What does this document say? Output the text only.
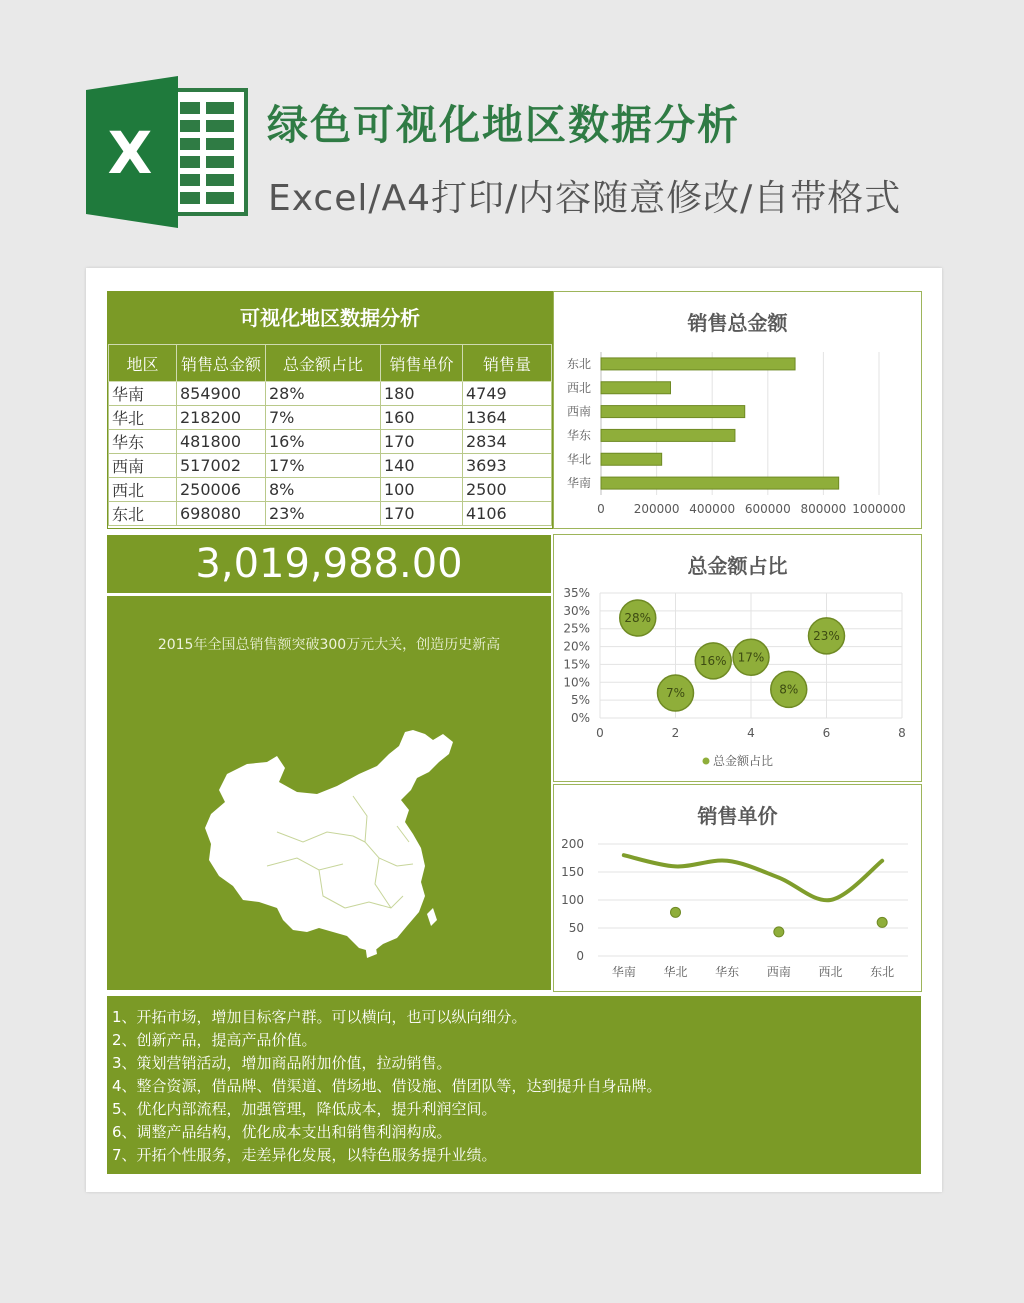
X	绿色可视化地区数据分析
Excel/A4打印/内容随意修改/自带格式
可视化地区数据分析
地区	销售总金额	总金额占比	销售单价	销售量
华南	854900	28%	180	4749
华北	218200	7%	160	1364
华东	481800	16%	170	2834
西南	517002	17%	140	3693
西北	250006	8%	100	2500
东北	698080	23%	170	4106
销售总金额
0 200000 400000 600000 800000 1000000
东北
西北
西南
华东
华北
华南
3,019,988.00
2015年全国总销售额突破300万元大关，创造历史新高
总金额占比
0%
5%
10%
15%
20%
25%
30%
35%
0	2	4	6	8
28%
7%
16% 17%
8%
23%
总金额占比
销售单价
0
50
100
150
200
华南 华北 华东 西南 西北 东北
1、开拓市场，增加目标客户群。可以横向，也可以纵向细分。
2、创新产品，提高产品价值。
3、策划营销活动，增加商品附加价值，拉动销售。
4、整合资源，借品牌、借渠道、借场地、借设施、借团队等，达到提升自身品牌。
5、优化内部流程，加强管理，降低成本，提升利润空间。
6、调整产品结构，优化成本支出和销售利润构成。
7、开拓个性服务，走差异化发展，以特色服务提升业绩。
